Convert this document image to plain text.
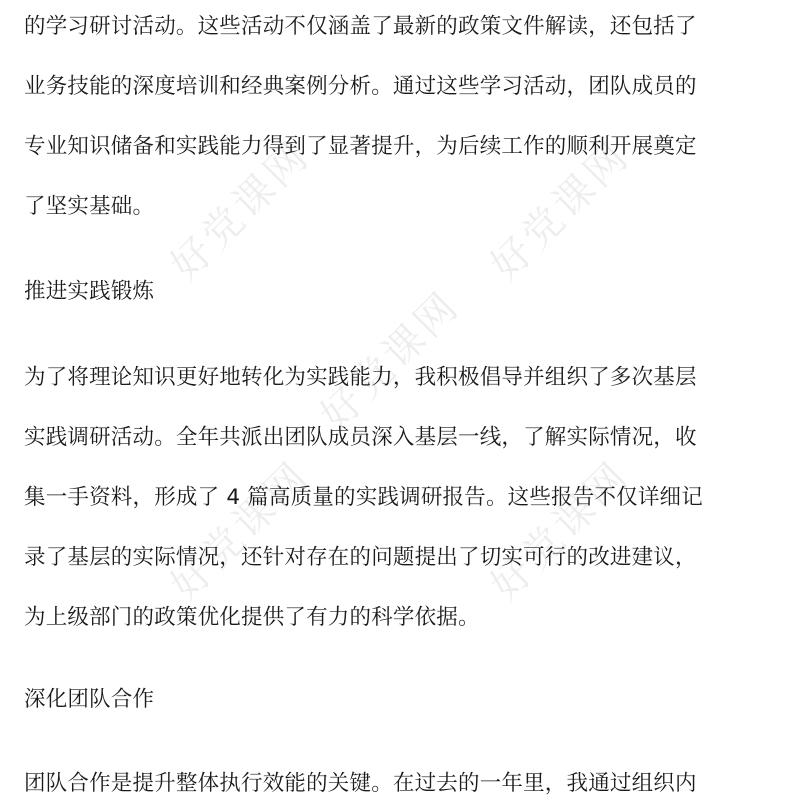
好党课网	好党课网
好党课网
好党课网	好党课网

的学习研讨活动。这些活动不仅涵盖了最新的政策文件解读，还包括了

业务技能的深度培训和经典案例分析。通过这些学习活动，团队成员的

专业知识储备和实践能力得到了显著提升，为后续工作的顺利开展奠定

了坚实基础。

推进实践锻炼

为了将理论知识更好地转化为实践能力，我积极倡导并组织了多次基层

实践调研活动。全年共派出团队成员深入基层一线，了解实际情况，收

集一手资料，形成了 4 篇高质量的实践调研报告。这些报告不仅详细记

录了基层的实际情况，还针对存在的问题提出了切实可行的改进建议，

为上级部门的政策优化提供了有力的科学依据。

深化团队合作

团队合作是提升整体执行效能的关键。在过去的一年里，我通过组织内
